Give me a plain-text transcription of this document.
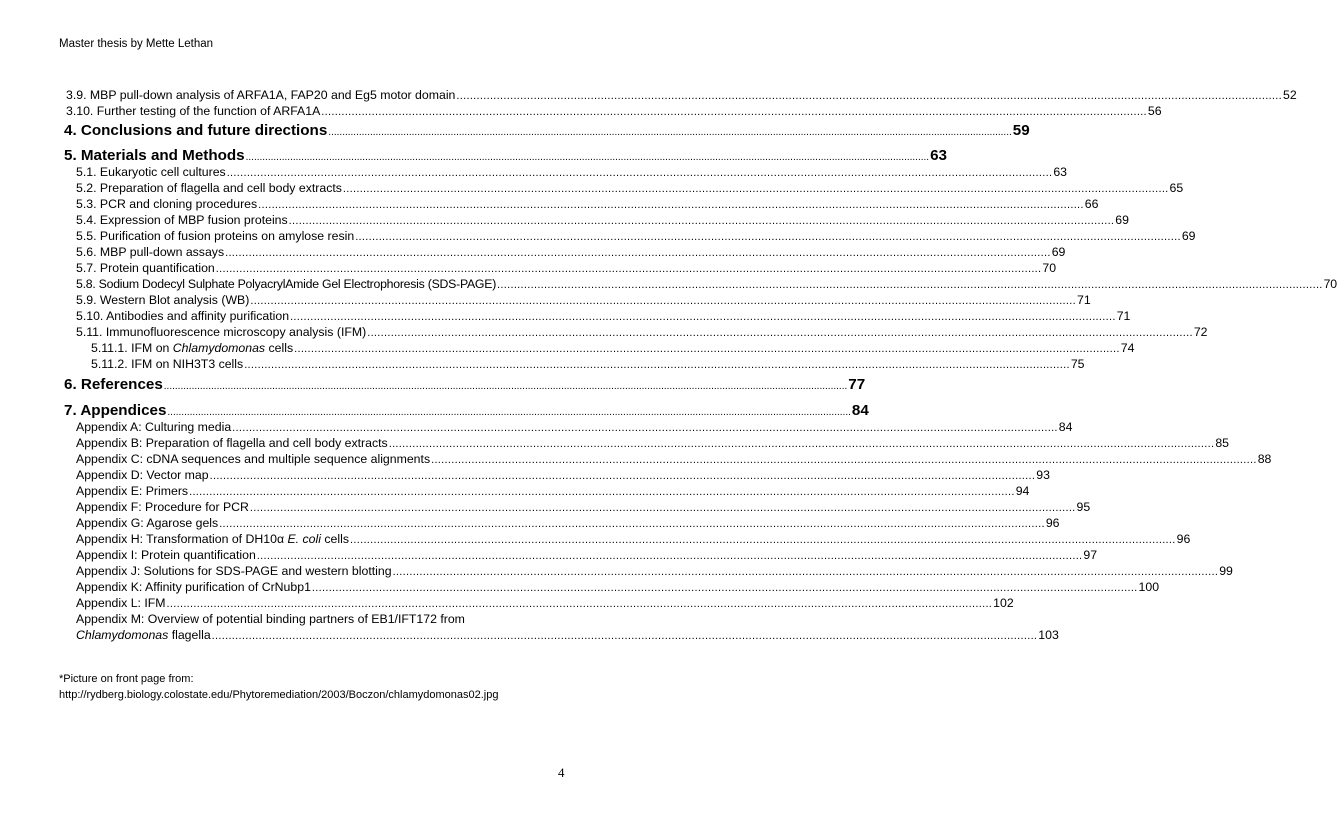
Master thesis by Mette Lethan
3.9. MBP pull-down analysis of ARFA1A, FAP20 and Eg5 motor domain ...................................................................................................................................................................................................................................................... 52
3.10. Further testing of the function of ARFA1A ...................................................................................................................................................................................................................................................... 56
4. Conclusions and future directions ...................................................................................................................................................................................................................................................... 59
5. Materials and Methods ...................................................................................................................................................................................................................................................... 63
5.1. Eukaryotic cell cultures ...................................................................................................................................................................................................................................................... 63
5.2. Preparation of flagella and cell body extracts ...................................................................................................................................................................................................................................................... 65
5.3. PCR and cloning procedures ...................................................................................................................................................................................................................................................... 66
5.4. Expression of MBP fusion proteins ...................................................................................................................................................................................................................................................... 69
5.5. Purification of fusion proteins on amylose resin ...................................................................................................................................................................................................................................................... 69
5.6. MBP pull-down assays ...................................................................................................................................................................................................................................................... 69
5.7. Protein quantification ...................................................................................................................................................................................................................................................... 70
5.8. Sodium Dodecyl Sulphate PolyacrylAmide Gel Electrophoresis (SDS-PAGE) ...................................................................................................................................................................................................................................................... 70
5.9. Western Blot analysis (WB) ...................................................................................................................................................................................................................................................... 71
5.10. Antibodies and affinity purification ...................................................................................................................................................................................................................................................... 71
5.11. Immunofluorescence microscopy analysis (IFM) ...................................................................................................................................................................................................................................................... 72
5.11.1. IFM on Chlamydomonas cells ...................................................................................................................................................................................................................................................... 74
5.11.2. IFM on NIH3T3 cells ...................................................................................................................................................................................................................................................... 75
6. References ...................................................................................................................................................................................................................................................... 77
7. Appendices ...................................................................................................................................................................................................................................................... 84
Appendix A: Culturing media ...................................................................................................................................................................................................................................................... 84
Appendix B: Preparation of flagella and cell body extracts ...................................................................................................................................................................................................................................................... 85
Appendix C: cDNA sequences and multiple sequence alignments ...................................................................................................................................................................................................................................................... 88
Appendix D: Vector map ...................................................................................................................................................................................................................................................... 93
Appendix E: Primers ...................................................................................................................................................................................................................................................... 94
Appendix F: Procedure for PCR ...................................................................................................................................................................................................................................................... 95
Appendix G: Agarose gels ...................................................................................................................................................................................................................................................... 96
Appendix H: Transformation of DH10α E. coli cells ...................................................................................................................................................................................................................................................... 96
Appendix I: Protein quantification ...................................................................................................................................................................................................................................................... 97
Appendix J: Solutions for SDS-PAGE and western blotting ...................................................................................................................................................................................................................................................... 99
Appendix K: Affinity purification of CrNubp1 ...................................................................................................................................................................................................................................................... 100
Appendix L: IFM ...................................................................................................................................................................................................................................................... 102
Appendix M: Overview of potential binding partners of EB1/IFT172 from
Chlamydomonas flagella ...................................................................................................................................................................................................................................................... 103
*Picture on front page from:
http://rydberg.biology.colostate.edu/Phytoremediation/2003/Boczon/chlamydomonas02.jpg
4
